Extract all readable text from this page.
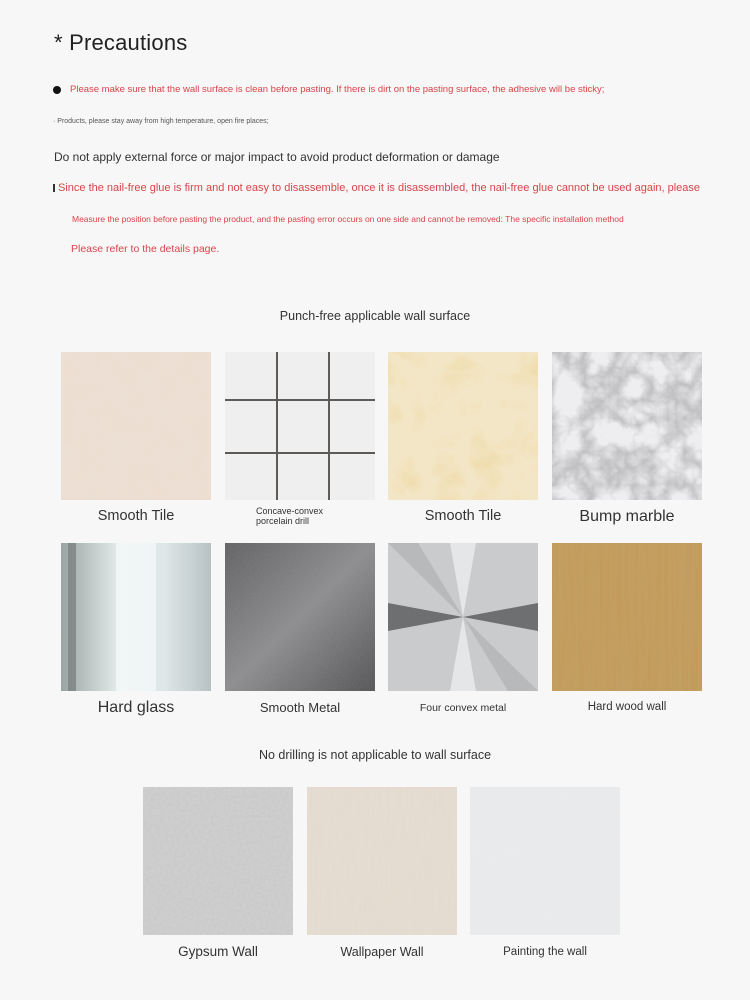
* Precautions
Please make sure that the wall surface is clean before pasting. If there is dirt on the pasting surface, the adhesive will be sticky;
· Products, please stay away from high temperature, open fire places;
Do not apply external force or major impact to avoid product deformation or damage
Since the nail-free glue is firm and not easy to disassemble, once it is disassembled, the nail-free glue cannot be used again, please
Measure the position before pasting the product, and the pasting error occurs on one side and cannot be removed: The specific installation method
Please refer to the details page.
Punch-free applicable wall surface
Smooth Tile	Concave-convex
porcelain drill	Smooth Tile	Bump marble
Hard glass	Smooth Metal	Four convex metal	Hard wood wall
No drilling is not applicable to wall surface
Gypsum Wall	Wallpaper Wall	Painting the wall
